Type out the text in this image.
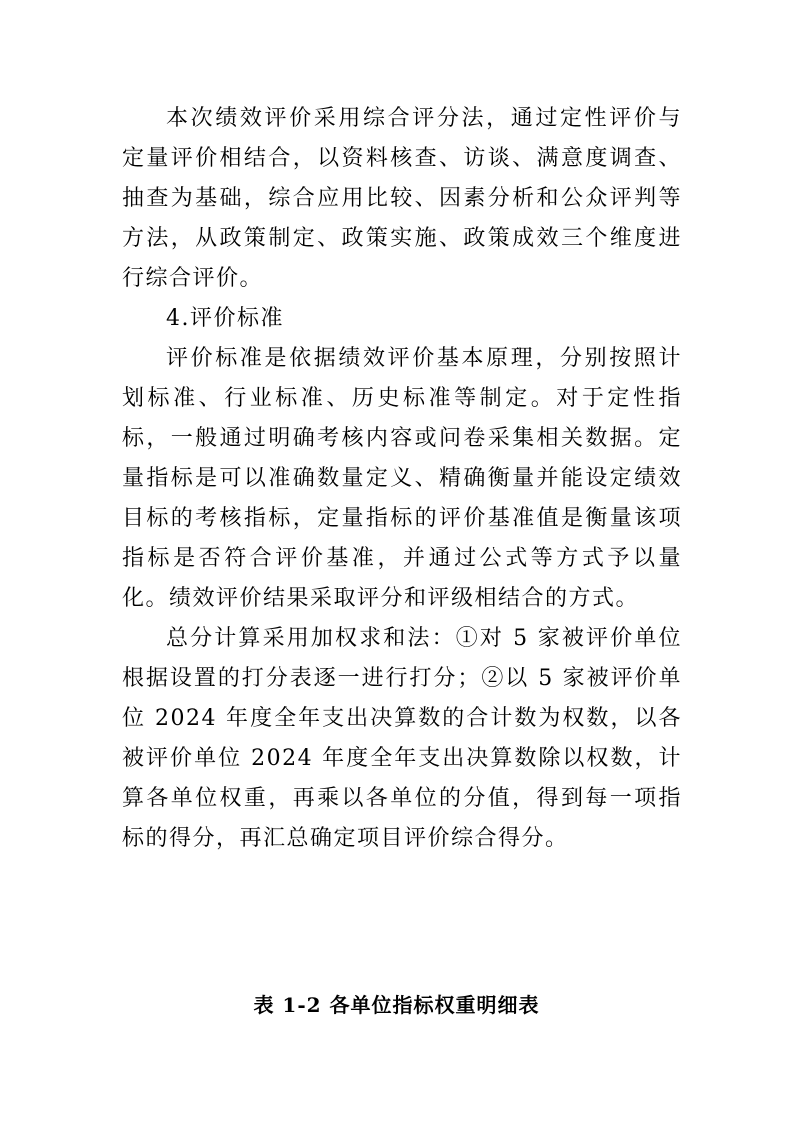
本次绩效评价采用综合评分法，通过定性评价与定量评价相结合，以资料核查、访谈、满意度调查、抽查为基础，综合应用比较、因素分析和公众评判等方法，从政策制定、政策实施、政策成效三个维度进行综合评价。

4.评价标准

评价标准是依据绩效评价基本原理，分别按照计划标准、行业标准、历史标准等制定。对于定性指标，一般通过明确考核内容或问卷采集相关数据。定量指标是可以准确数量定义、精确衡量并能设定绩效目标的考核指标，定量指标的评价基准值是衡量该项指标是否符合评价基准，并通过公式等方式予以量化。绩效评价结果采取评分和评级相结合的方式。

总分计算采用加权求和法：①对 5 家被评价单位根据设置的打分表逐一进行打分；②以 5 家被评价单位 2024 年度全年支出决算数的合计数为权数，以各被评价单位 2024 年度全年支出决算数除以权数，计算各单位权重，再乘以各单位的分值，得到每一项指标的得分，再汇总确定项目评价综合得分。

表 1-2 各单位指标权重明细表
